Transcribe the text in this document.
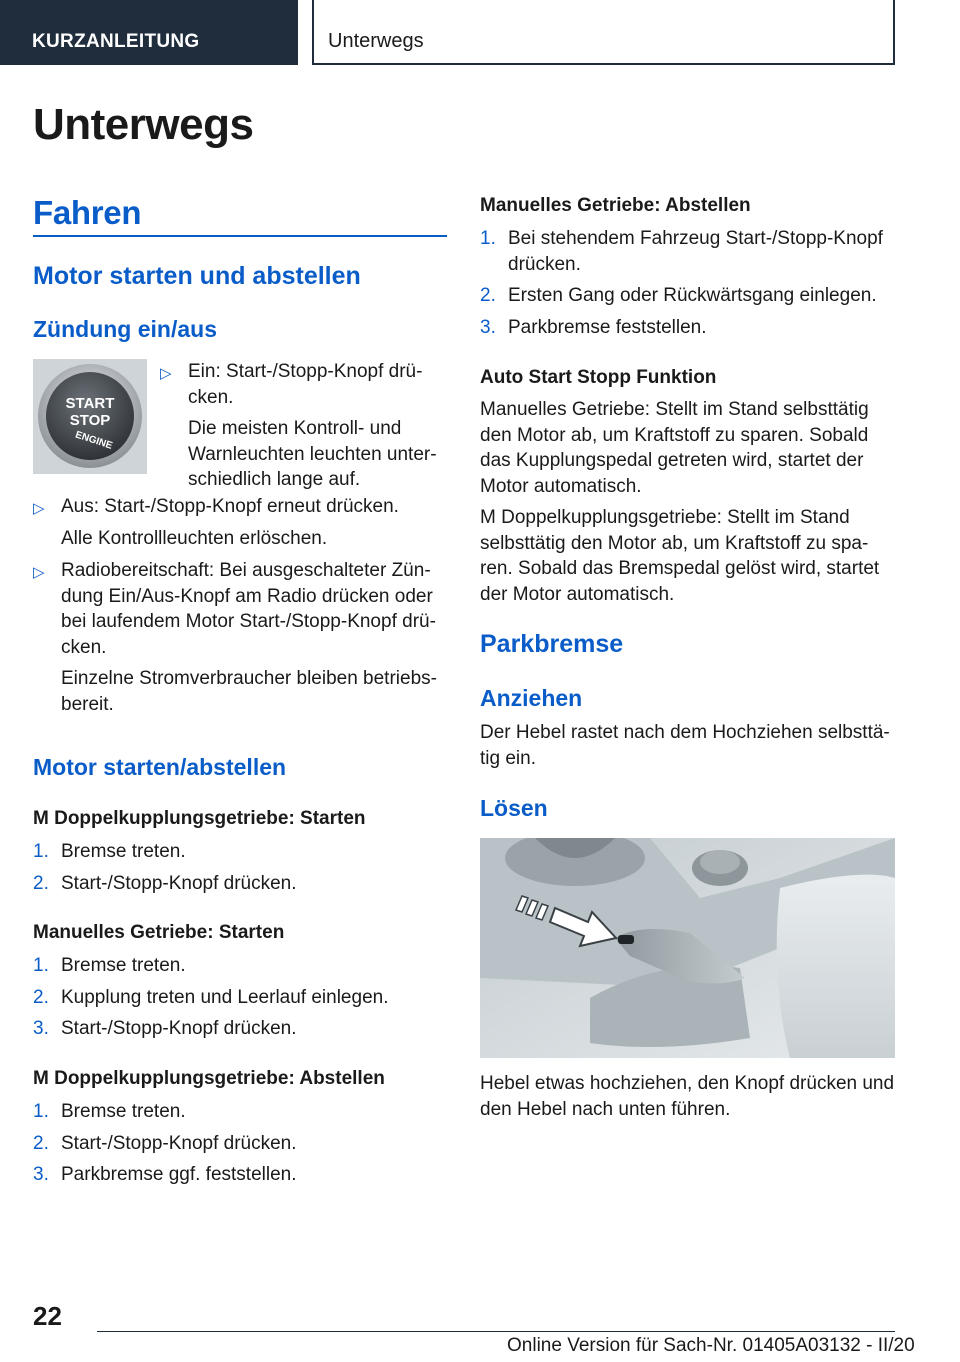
KURZANLEITUNG	Unterwegs
Unterwegs
Fahren
Motor starten und abstellen
Zündung ein/aus
START
STOP
ENGINE
▷ Ein: Start-/Stopp-Knopf drü-cken.
Die meisten Kontroll- und Warnleuchten leuchten unter-schiedlich lange auf.
▷ Aus: Start-/Stopp-Knopf erneut drücken.
Alle Kontrollleuchten erlöschen.
▷ Radiobereitschaft: Bei ausgeschalteter Zün-dung Ein/Aus-Knopf am Radio drücken oder bei laufendem Motor Start-/Stopp-Knopf drü-cken.
Einzelne Stromverbraucher bleiben betriebs-bereit.
Motor starten/abstellen
M Doppelkupplungsgetriebe: Starten
1. Bremse treten.
2. Start-/Stopp-Knopf drücken.
Manuelles Getriebe: Starten
1. Bremse treten.
2. Kupplung treten und Leerlauf einlegen.
3. Start-/Stopp-Knopf drücken.
M Doppelkupplungsgetriebe: Abstellen
1. Bremse treten.
2. Start-/Stopp-Knopf drücken.
3. Parkbremse ggf. feststellen.
Manuelles Getriebe: Abstellen
1. Bei stehendem Fahrzeug Start-/Stopp-Knopf drücken.
2. Ersten Gang oder Rückwärtsgang einlegen.
3. Parkbremse feststellen.
Auto Start Stopp Funktion
Manuelles Getriebe: Stellt im Stand selbsttätig den Motor ab, um Kraftstoff zu sparen. Sobald das Kupplungspedal getreten wird, startet der Motor automatisch.
M Doppelkupplungsgetriebe: Stellt im Stand selbsttätig den Motor ab, um Kraftstoff zu spa-ren. Sobald das Bremspedal gelöst wird, startet der Motor automatisch.
Parkbremse
Anziehen
Der Hebel rastet nach dem Hochziehen selbsttä-tig ein.
Lösen
Hebel etwas hochziehen, den Knopf drücken und den Hebel nach unten führen.
22
Online Version für Sach-Nr. 01405A03132 - II/20
